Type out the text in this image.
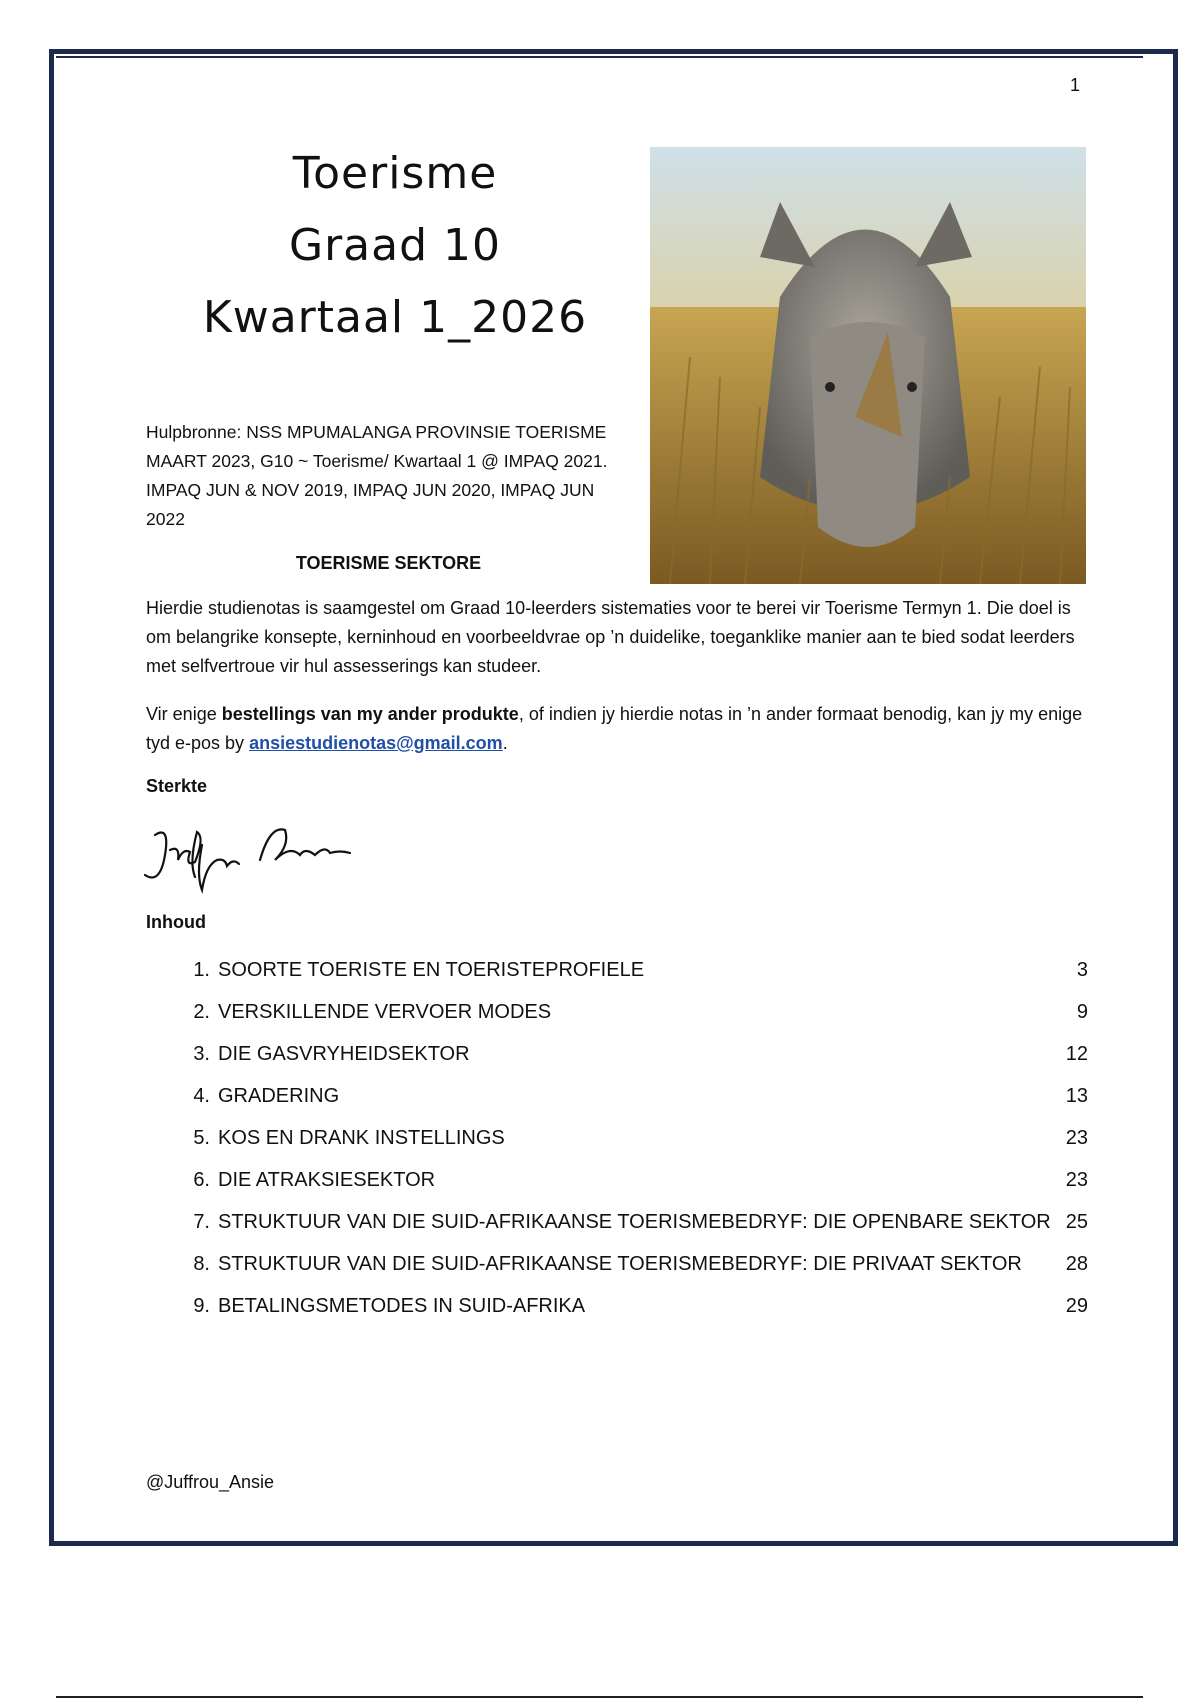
1
Toerisme
Graad 10
Kwartaal 1_2026
Hulpbronne: NSS MPUMALANGA PROVINSIE TOERISME MAART 2023, G10 ~ Toerisme/ Kwartaal 1 @ IMPAQ 2021. IMPAQ JUN & NOV 2019, IMPAQ JUN 2020, IMPAQ JUN 2022
TOERISME SEKTORE
Hierdie studienotas is saamgestel om Graad 10-leerders sistematies voor te berei vir Toerisme Termyn 1. Die doel is om belangrike konsepte, kerninhoud en voorbeeldvrae op ’n duidelike, toeganklike manier aan te bied sodat leerders met selfvertroue vir hul assesserings kan studeer.
Vir enige bestellings van my ander produkte, of indien jy hierdie notas in ’n ander formaat benodig, kan jy my enige tyd e-pos by ansiestudienotas@gmail.com.
Sterkte
Inhoud
1. SOORTE TOERISTE EN TOERISTEPROFIELE	3
2. VERSKILLENDE VERVOER MODES	9
3. DIE GASVRYHEIDSEKTOR	12
4. GRADERING	13
5. KOS EN DRANK INSTELLINGS	23
6. DIE ATRAKSIESEKTOR	23
7. STRUKTUUR VAN DIE SUID-AFRIKAANSE TOERISMEBEDRYF: DIE OPENBARE SEKTOR 25
8. STRUKTUUR VAN DIE SUID-AFRIKAANSE TOERISMEBEDRYF: DIE PRIVAAT SEKTOR 28
9. BETALINGSMETODES IN SUID-AFRIKA	29
@Juffrou_Ansie
